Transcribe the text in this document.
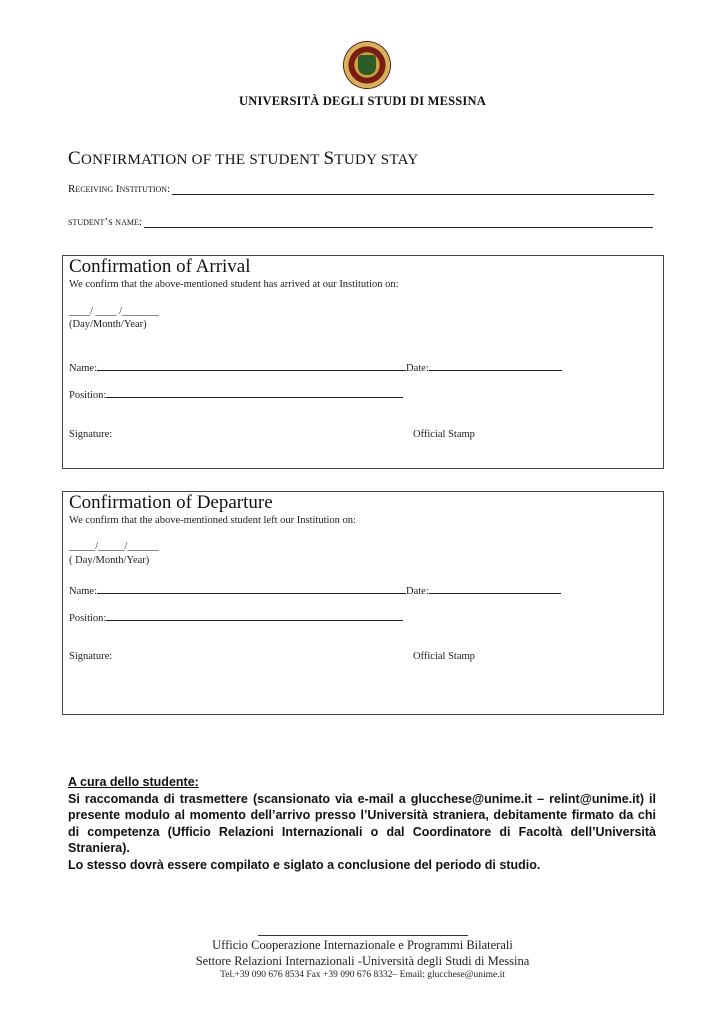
UNIVERSITÀ DEGLI STUDI DI MESSINA
CONFIRMATION OF THE STUDENT STUDY STAY
Receiving Institution:
student’s name:
Confirmation of Arrival
We confirm that the above-mentioned student has arrived at our Institution on:
____/ ____ /_______
(Day/Month/Year)
Name:	Date:
Position:
Signature:	Official Stamp
Confirmation of Departure
We confirm that the above-mentioned student left our Institution on:
_____/_____/______
( Day/Month/Year)
Name:	Date:
Position:
Signature:	Official Stamp
A cura dello studente:
Si raccomanda di trasmettere (scansionato via e-mail a glucchese@unime.it – relint@unime.it) il presente modulo al momento dell’arrivo presso l’Università straniera, debitamente firmato da chi di competenza (Ufficio Relazioni Internazionali o dal Coordinatore di Facoltà dell’Università Straniera).
Lo stesso dovrà essere compilato e siglato a conclusione del periodo di studio.
Ufficio Cooperazione Internazionale e Programmi Bilaterali
Settore Relazioni Internazionali -Università degli Studi di Messina
Tel.+39 090 676 8534 Fax +39 090 676 8332– Email: glucchese@unime.it
